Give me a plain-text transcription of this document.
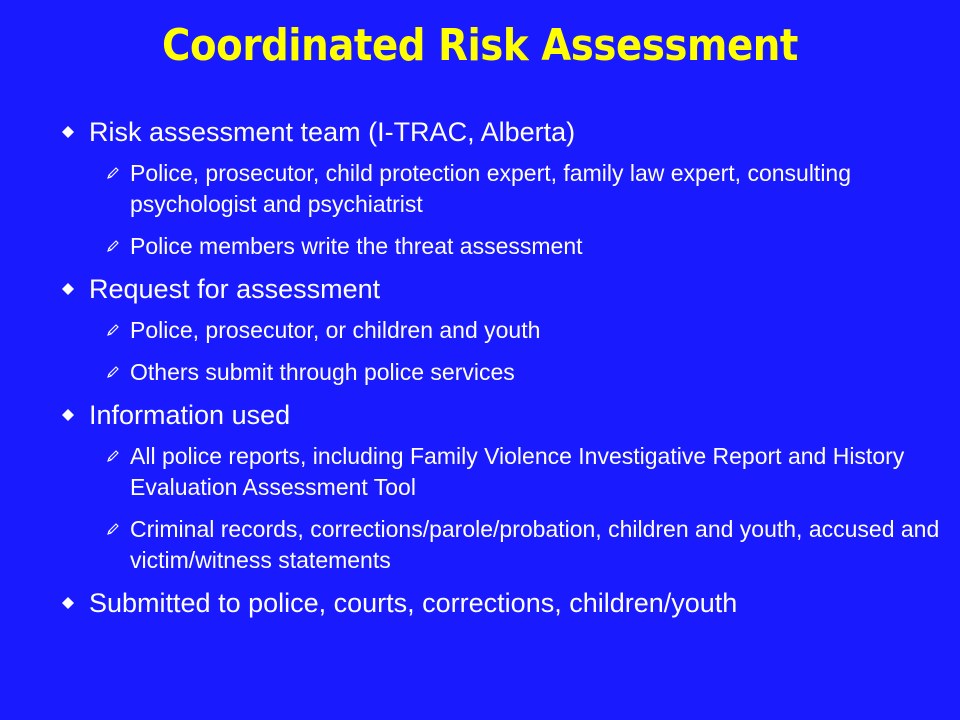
Coordinated Risk Assessment
Risk assessment team (I-TRAC, Alberta)
Police, prosecutor, child protection expert, family law expert, consulting psychologist and psychiatrist
Police members write the threat assessment
Request for assessment
Police, prosecutor, or children and youth
Others submit through police services
Information used
All police reports, including Family Violence Investigative Report and History Evaluation Assessment Tool
Criminal records, corrections/parole/probation, children and youth, accused and victim/witness statements
Submitted to police, courts, corrections, children/youth
